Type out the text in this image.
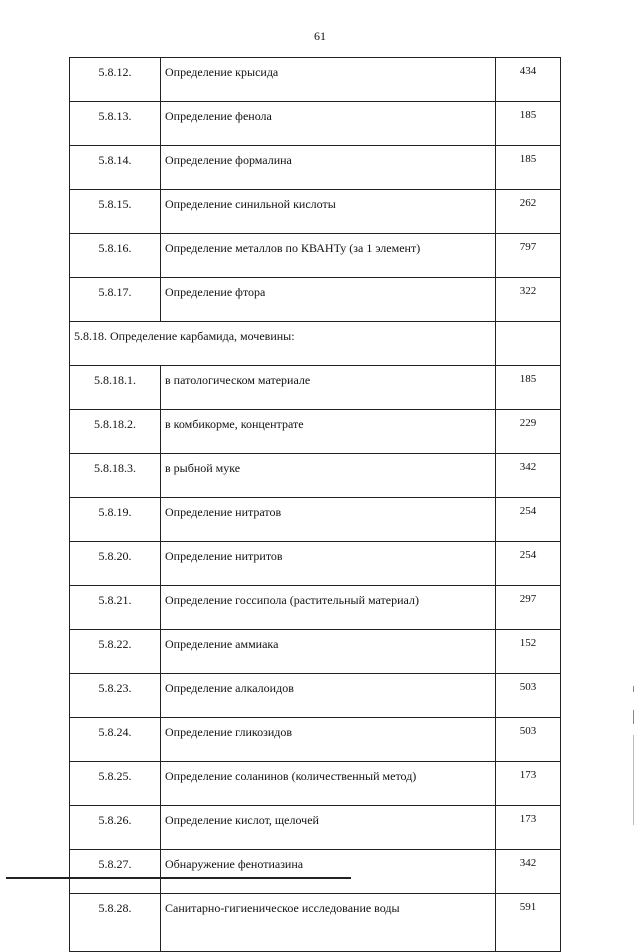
61
5.8.12.	Определение крысида	434
5.8.13.	Определение фенола	185
5.8.14.	Определение формалина	185
5.8.15.	Определение синильной кислоты	262
5.8.16.	Определение металлов по КВАНТу (за 1 элемент)	797
5.8.17.	Определение фтора	322
5.8.18. Определение карбамида, мочевины:		
5.8.18.1.	в патологическом материале	185
5.8.18.2.	в комбикорме, концентрате	229
5.8.18.3.	в рыбной муке	342
5.8.19.	Определение нитратов	254
5.8.20.	Определение нитритов	254
5.8.21.	Определение госсипола (растительный материал)	297
5.8.22.	Определение аммиака	152
5.8.23.	Определение алкалоидов	503
5.8.24.	Определение гликозидов	503
5.8.25.	Определение соланинов (количественный метод)	173
5.8.26.	Определение кислот, щелочей	173
5.8.27.	Обнаружение фенотиазина	342
5.8.28.	Санитарно-гигиеническое исследование воды	591
